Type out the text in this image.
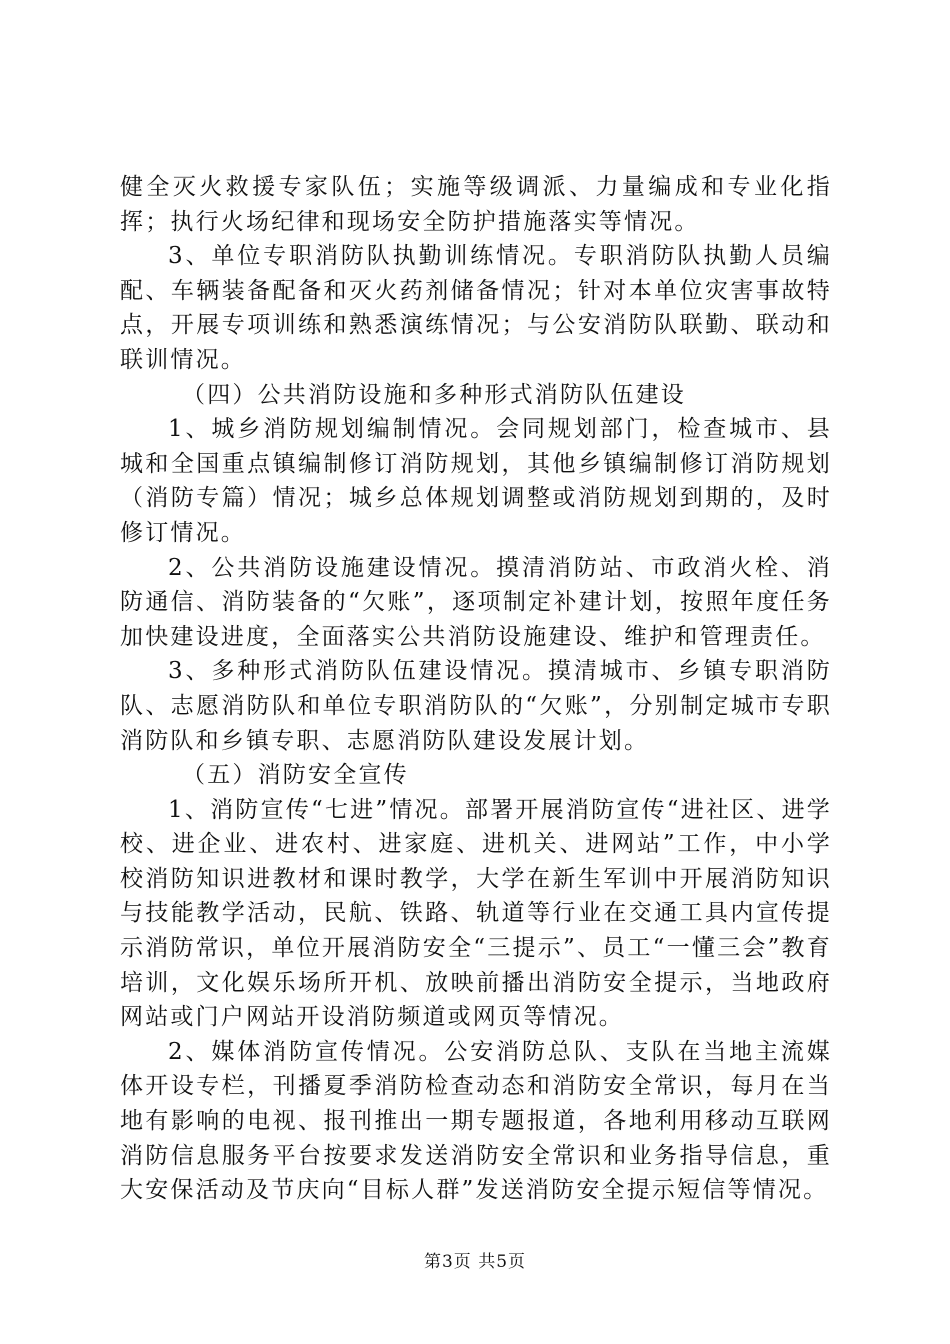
健全灭火救援专家队伍；实施等级调派、力量编成和专业化指挥；执行火场纪律和现场安全防护措施落实等情况。

3、单位专职消防队执勤训练情况。专职消防队执勤人员编配、车辆装备配备和灭火药剂储备情况；针对本单位灾害事故特点，开展专项训练和熟悉演练情况；与公安消防队联勤、联动和联训情况。

（四）公共消防设施和多种形式消防队伍建设

1、城乡消防规划编制情况。会同规划部门，检查城市、县城和全国重点镇编制修订消防规划，其他乡镇编制修订消防规划（消防专篇）情况；城乡总体规划调整或消防规划到期的，及时修订情况。

2、公共消防设施建设情况。摸清消防站、市政消火栓、消防通信、消防装备的“欠账”，逐项制定补建计划，按照年度任务加快建设进度，全面落实公共消防设施建设、维护和管理责任。

3、多种形式消防队伍建设情况。摸清城市、乡镇专职消防队、志愿消防队和单位专职消防队的“欠账”，分别制定城市专职消防队和乡镇专职、志愿消防队建设发展计划。

（五）消防安全宣传

1、消防宣传“七进”情况。部署开展消防宣传“进社区、进学校、进企业、进农村、进家庭、进机关、进网站”工作，中小学校消防知识进教材和课时教学，大学在新生军训中开展消防知识与技能教学活动，民航、铁路、轨道等行业在交通工具内宣传提示消防常识，单位开展消防安全“三提示”、员工“一懂三会”教育培训，文化娱乐场所开机、放映前播出消防安全提示，当地政府网站或门户网站开设消防频道或网页等情况。

2、媒体消防宣传情况。公安消防总队、支队在当地主流媒体开设专栏，刊播夏季消防检查动态和消防安全常识，每月在当地有影响的电视、报刊推出一期专题报道，各地利用移动互联网消防信息服务平台按要求发送消防安全常识和业务指导信息，重大安保活动及节庆向“目标人群”发送消防安全提示短信等情况。

第3页 共5页
